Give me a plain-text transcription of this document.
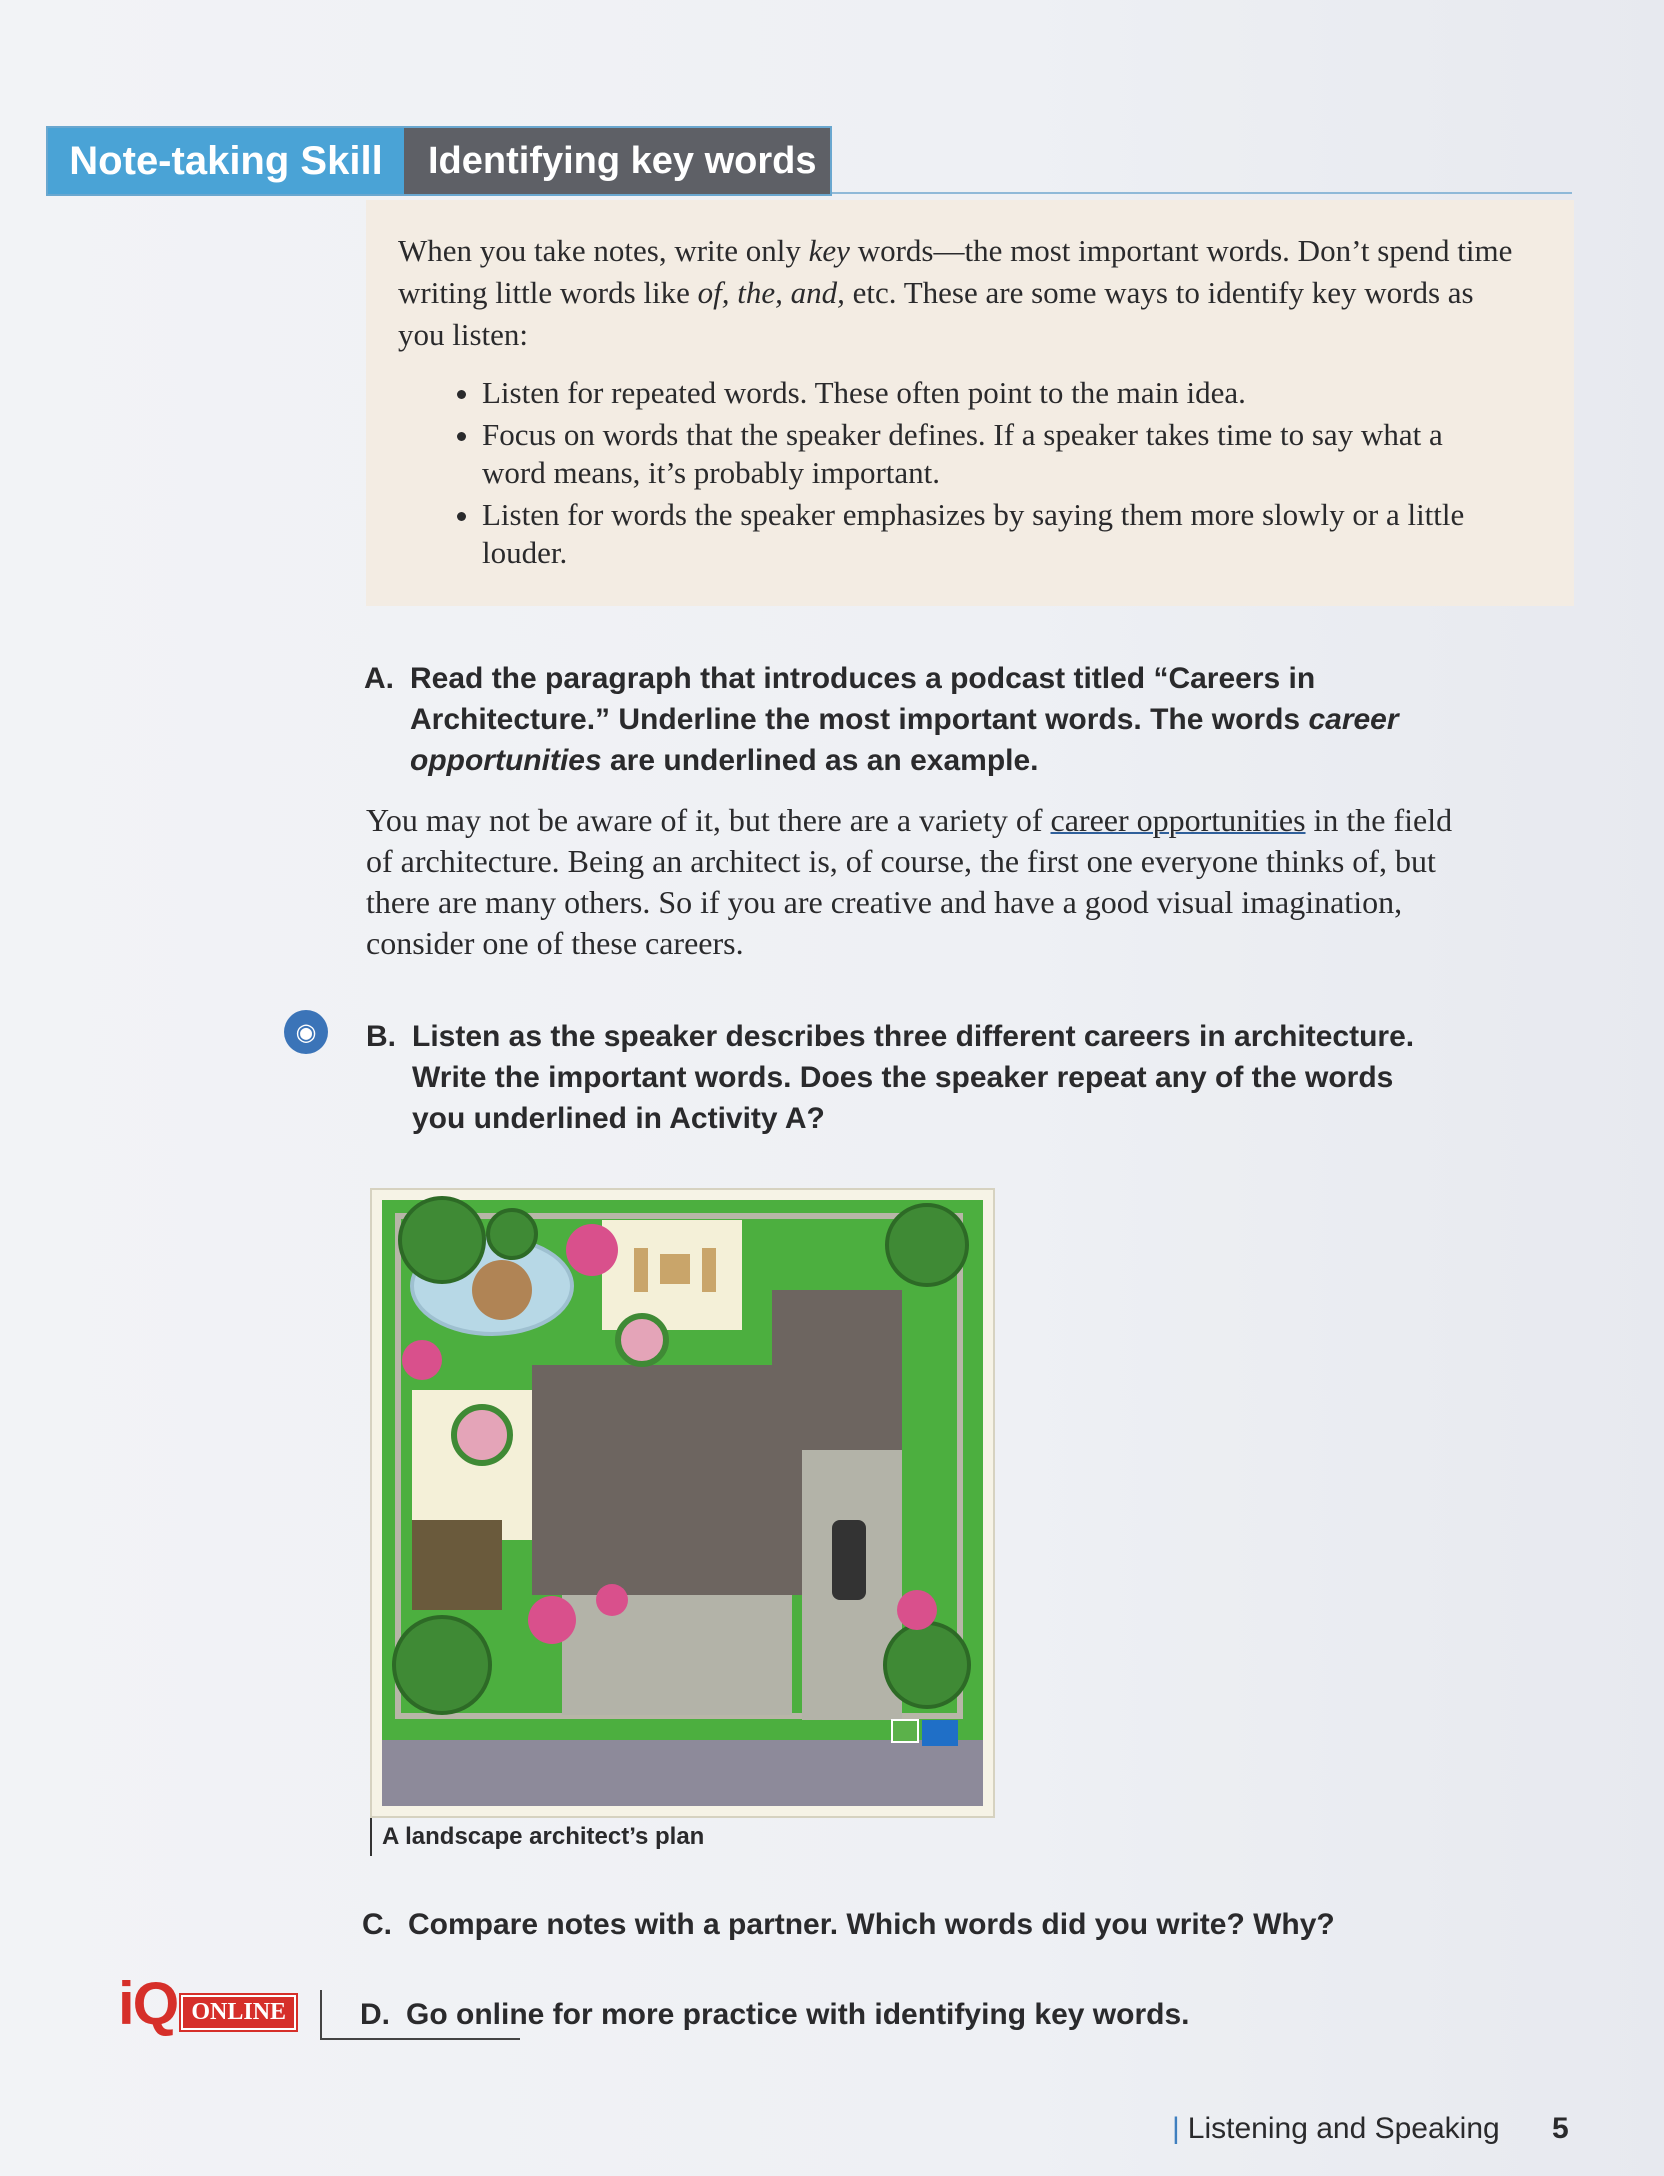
Note-taking Skill	Identifying key words

When you take notes, write only key words—the most important words. Don’t spend time writing little words like of, the, and, etc. These are some ways to identify key words as you listen:

• Listen for repeated words. These often point to the main idea.
• Focus on words that the speaker defines. If a speaker takes time to say what a word means, it’s probably important.
• Listen for words the speaker emphasizes by saying them more slowly or a little louder.
A. Read the paragraph that introduces a podcast titled “Careers in Architecture.” Underline the most important words. The words career opportunities are underlined as an example.
You may not be aware of it, but there are a variety of career opportunities in the field of architecture. Being an architect is, of course, the first one everyone thinks of, but there are many others. So if you are creative and have a good visual imagination, consider one of these careers.
◉	B. Listen as the speaker describes three different careers in architecture. Write the important words. Does the speaker repeat any of the words you underlined in Activity A?
A landscape architect’s plan
C. Compare notes with a partner. Which words did you write? Why?
iQ ONLINE	D. Go online for more practice with identifying key words.
| Listening and Speaking 5
